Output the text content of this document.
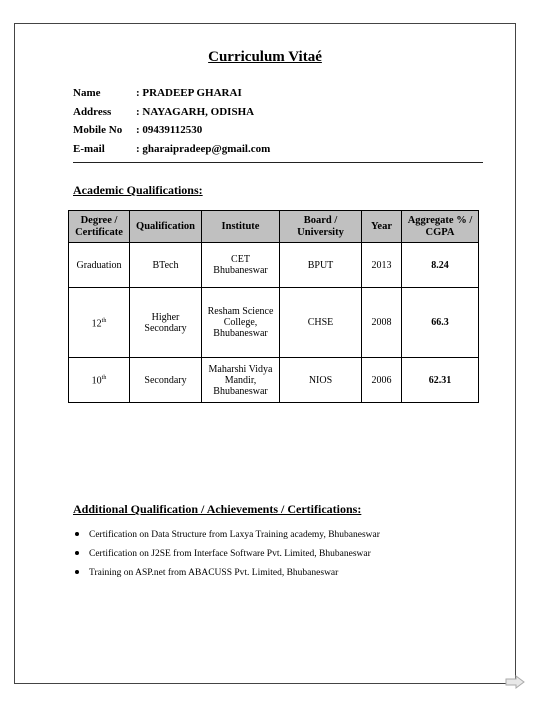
Curriculum Vitaé
Name	: PRADEEP GHARAI
Address	: NAYAGARH, ODISHA
Mobile No	: 09439112530
E-mail	: gharaipradeep@gmail.com
Academic Qualifications:
Degree / Certificate	Qualification	Institute	Board / University	Year	Aggregate % / CGPA
Graduation	BTech	CET Bhubaneswar	BPUT	2013	8.24
12th	Higher Secondary	Resham Science College, Bhubaneswar	CHSE	2008	66.3
10th	Secondary	Maharshi Vidya Mandir, Bhubaneswar	NIOS	2006	62.31
Additional Qualification / Achievements / Certifications:
Certification on Data Structure from Laxya Training academy, Bhubaneswar
Certification on J2SE from Interface Software Pvt. Limited, Bhubaneswar
Training on ASP.net from ABACUSS Pvt. Limited, Bhubaneswar
